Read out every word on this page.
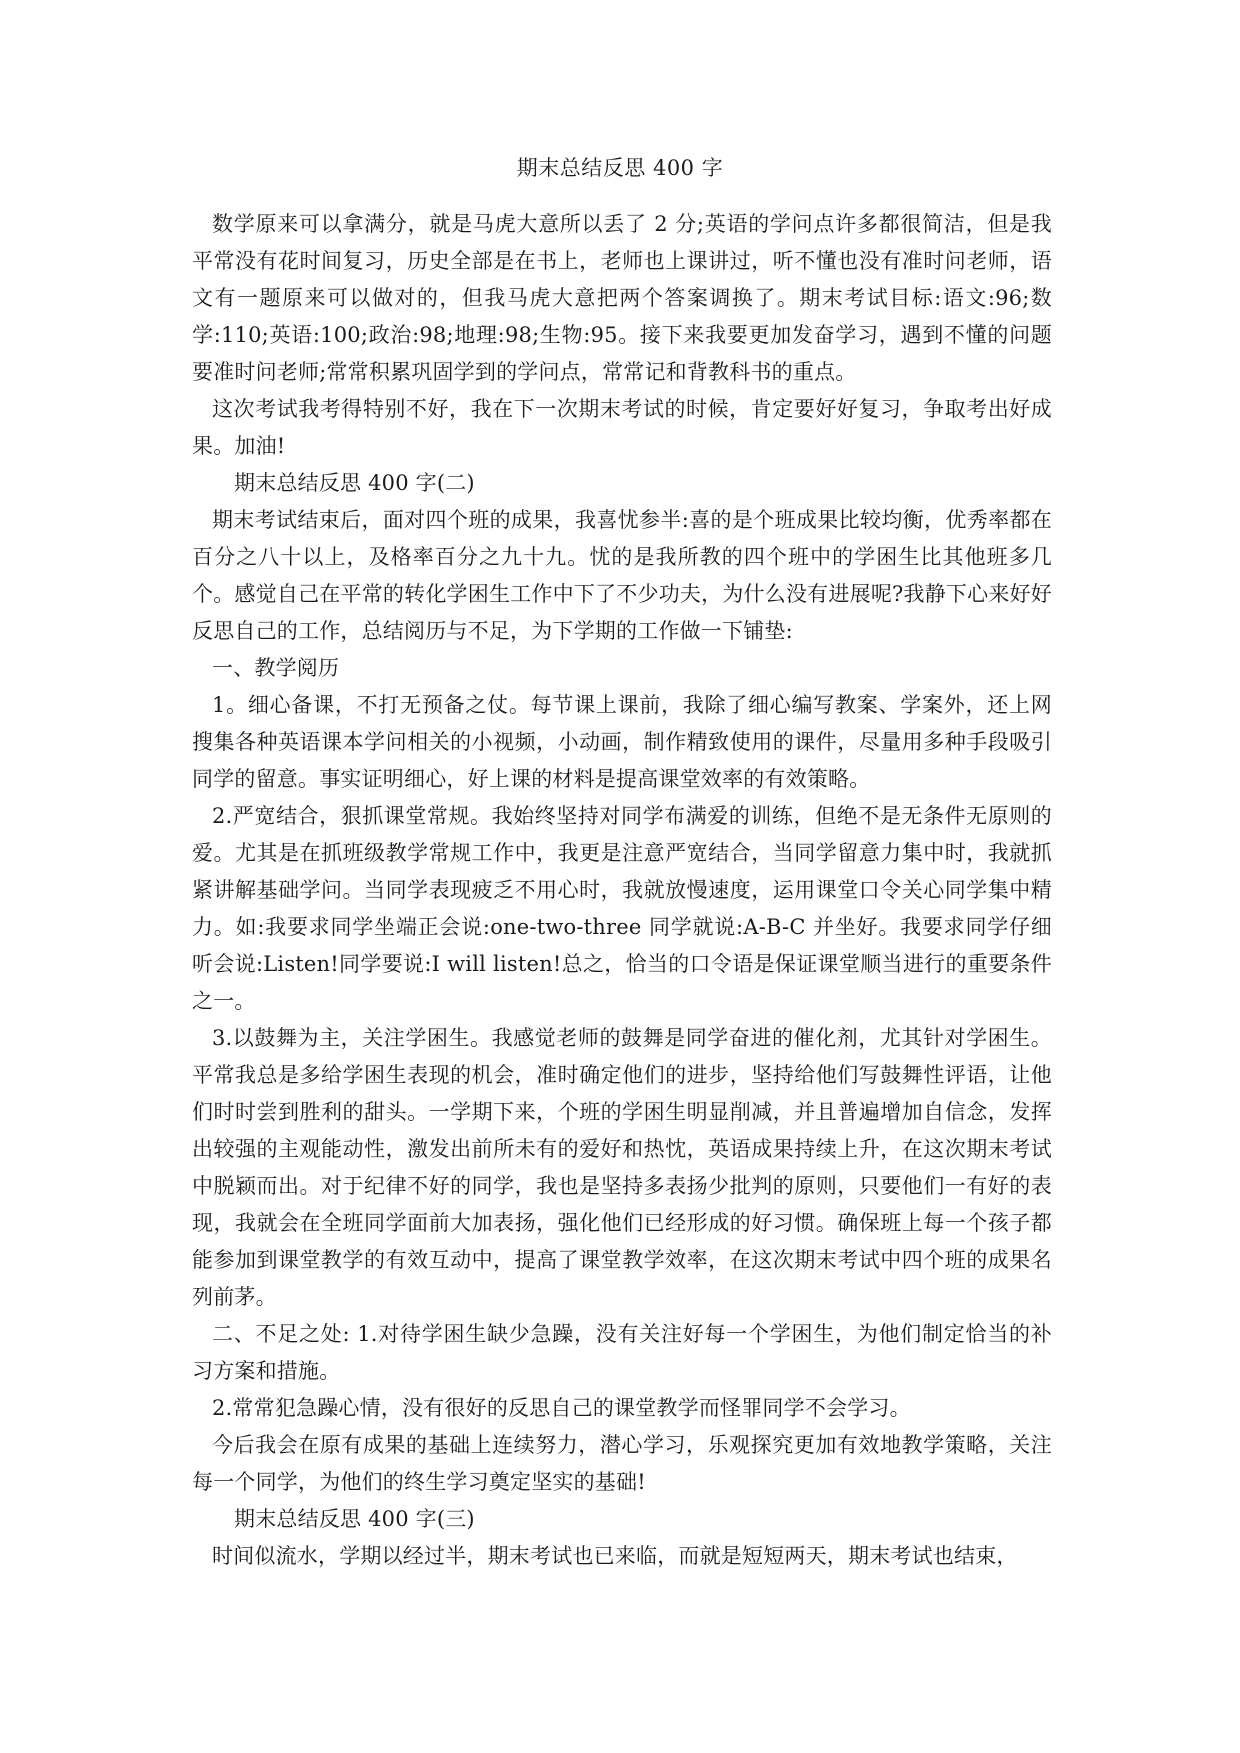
期末总结反思 400 字

数学原来可以拿满分，就是马虎大意所以丢了 2 分;英语的学问点许多都很简洁，但是我平常没有花时间复习，历史全部是在书上，老师也上课讲过，听不懂也没有准时问老师，语文有一题原来可以做对的，但我马虎大意把两个答案调换了。期末考试目标:语文:96;数学:110;英语:100;政治:98;地理:98;生物:95。接下来我要更加发奋学习，遇到不懂的问题要准时问老师;常常积累巩固学到的学问点，常常记和背教科书的重点。

这次考试我考得特别不好，我在下一次期末考试的时候，肯定要好好复习，争取考出好成果。加油!

期末总结反思 400 字(二)

期末考试结束后，面对四个班的成果，我喜忧参半:喜的是个班成果比较均衡，优秀率都在百分之八十以上，及格率百分之九十九。忧的是我所教的四个班中的学困生比其他班多几个。感觉自己在平常的转化学困生工作中下了不少功夫，为什么没有进展呢?我静下心来好好反思自己的工作，总结阅历与不足，为下学期的工作做一下铺垫:

一、教学阅历

1。细心备课，不打无预备之仗。每节课上课前，我除了细心编写教案、学案外，还上网搜集各种英语课本学问相关的小视频，小动画，制作精致使用的课件，尽量用多种手段吸引同学的留意。事实证明细心，好上课的材料是提高课堂效率的有效策略。

2.严宽结合，狠抓课堂常规。我始终坚持对同学布满爱的训练，但绝不是无条件无原则的爱。尤其是在抓班级教学常规工作中，我更是注意严宽结合，当同学留意力集中时，我就抓紧讲解基础学问。当同学表现疲乏不用心时，我就放慢速度，运用课堂口令关心同学集中精力。如:我要求同学坐端正会说:one-two-three 同学就说:A-B-C 并坐好。我要求同学仔细听会说:Listen!同学要说:I will listen!总之，恰当的口令语是保证课堂顺当进行的重要条件之一。

3.以鼓舞为主，关注学困生。我感觉老师的鼓舞是同学奋进的催化剂，尤其针对学困生。平常我总是多给学困生表现的机会，准时确定他们的进步，坚持给他们写鼓舞性评语，让他们时时尝到胜利的甜头。一学期下来，个班的学困生明显削减，并且普遍增加自信念，发挥出较强的主观能动性，激发出前所未有的爱好和热忱，英语成果持续上升，在这次期末考试中脱颖而出。对于纪律不好的同学，我也是坚持多表扬少批判的原则，只要他们一有好的表现，我就会在全班同学面前大加表扬，强化他们已经形成的好习惯。确保班上每一个孩子都能参加到课堂教学的有效互动中，提高了课堂教学效率，在这次期末考试中四个班的成果名列前茅。

二、不足之处: 1.对待学困生缺少急躁，没有关注好每一个学困生，为他们制定恰当的补习方案和措施。

2.常常犯急躁心情，没有很好的反思自己的课堂教学而怪罪同学不会学习。

今后我会在原有成果的基础上连续努力，潜心学习，乐观探究更加有效地教学策略，关注每一个同学，为他们的终生学习奠定坚实的基础!

期末总结反思 400 字(三)

时间似流水，学期以经过半，期末考试也已来临，而就是短短两天，期末考试也结束，
